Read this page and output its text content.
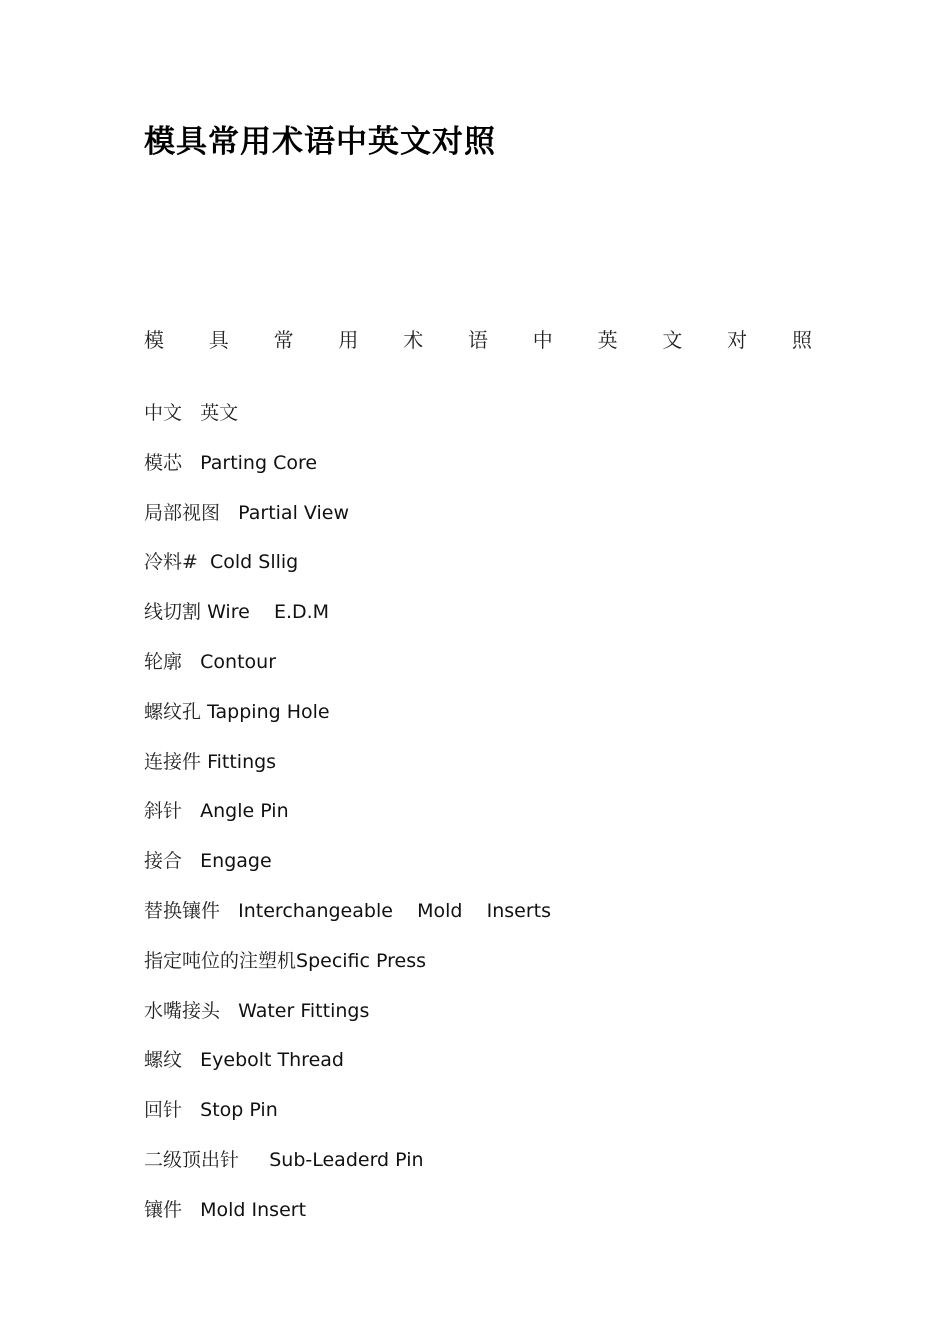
模具常用术语中英文对照
模 具 常 用 术 语 中 英 文 对 照
中文
英文
模芯
Parting Core
局部视图
Partial View
冷料#
Cold Sllig
线切割
Wire    E.D.M
轮廓
Contour
螺纹孔
Tapping Hole
连接件
Fittings
斜针
Angle Pin
接合
Engage
替换镶件
Interchangeable    Mold    Inserts
指定吨位的注塑机 Specific Press
水嘴接头
Water Fittings
螺纹
Eyebolt Thread
回针
Stop Pin
二级顶出针
Sub-Leaderd Pin
镶件
Mold Insert
